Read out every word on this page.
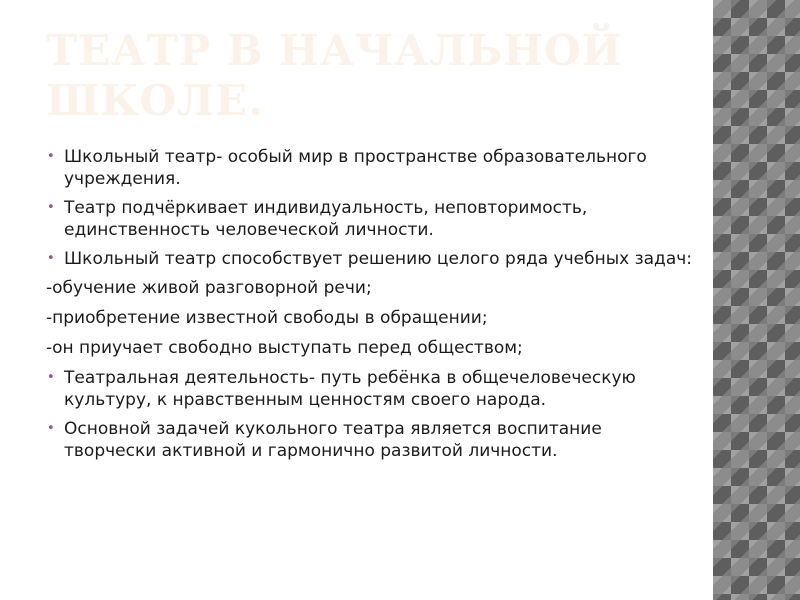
ТЕАТР В НАЧАЛЬНОЙ ШКОЛЕ.
• Школьный театр- особый мир в пространстве образовательного учреждения.
• Театр подчёркивает индивидуальность, неповторимость, единственность человеческой личности.
• Школьный театр способствует решению целого ряда учебных задач:
-обучение живой разговорной речи;
-приобретение известной свободы в обращении;
-он приучает свободно выступать перед обществом;
• Театральная деятельность- путь ребёнка в общечеловеческую культуру, к нравственным ценностям своего народа.
• Основной задачей кукольного театра является воспитание творчески активной и гармонично развитой личности.
